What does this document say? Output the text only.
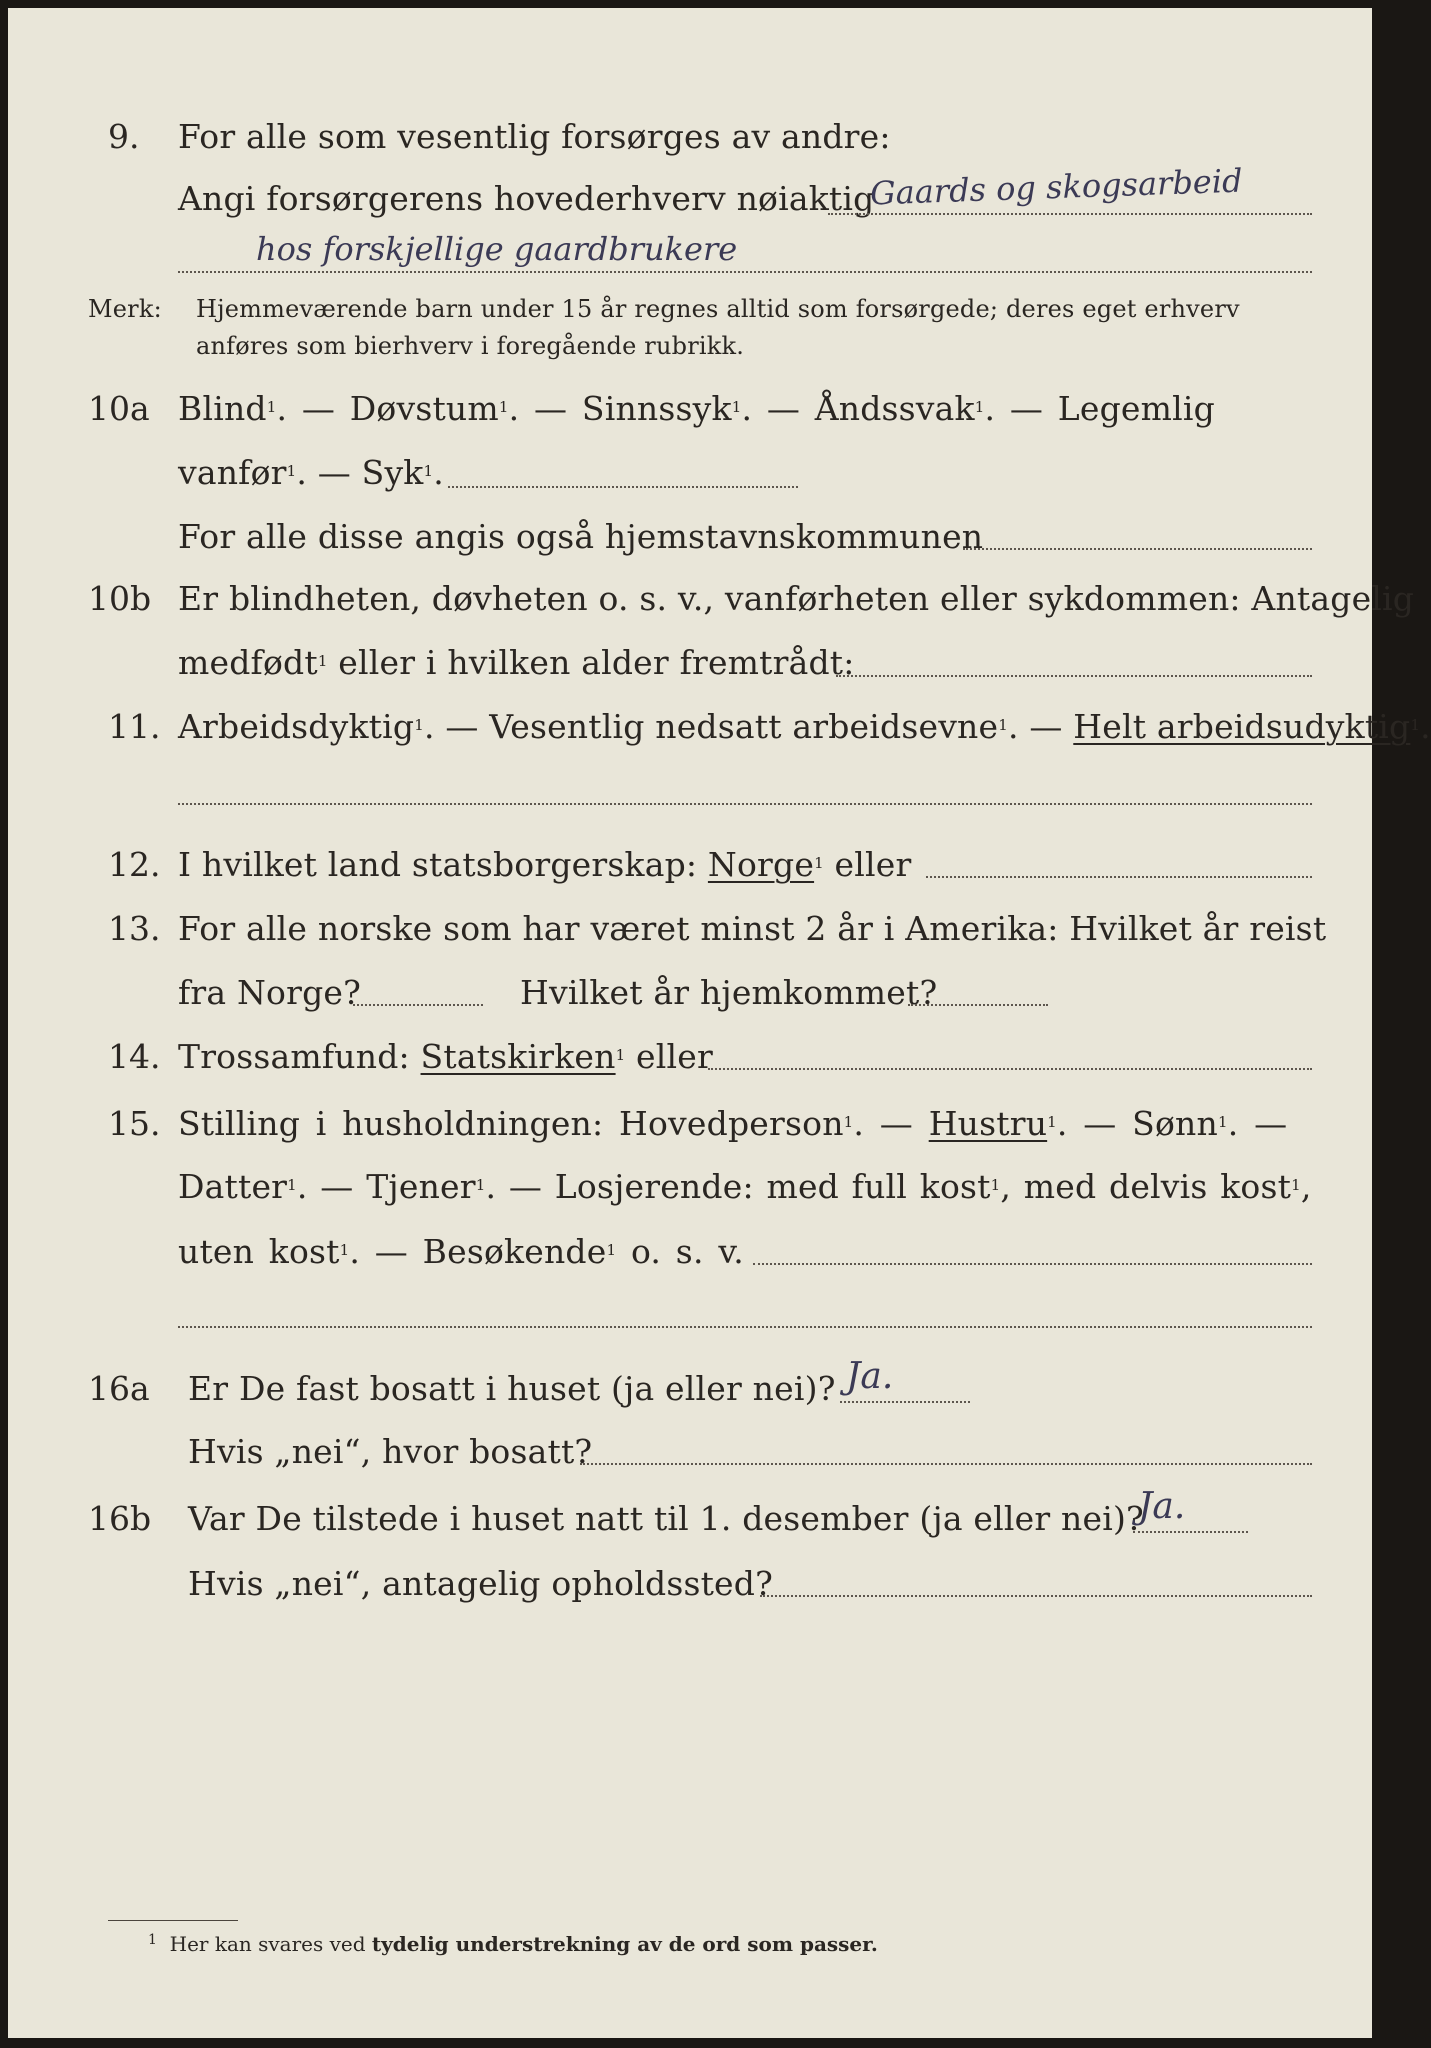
9. For alle som vesentlig forsørges av andre:
Angi forsørgerens hovederhverv nøiaktig
Gaards og skogsarbeid
hos forskjellige gaardbrukere
Merk: Hjemmeværende barn under 15 år regnes alltid som forsørgede; deres eget erhverv
anføres som bierhverv i foregående rubrikk.
10a Blind$^1$. — Døvstum$^1$. — Sinnssyk$^1$. — Åndssvak$^1$. — Legemlig
vanfør$^1$. — Syk$^1$.
For alle disse angis også hjemstavnskommunen
10b Er blindheten, døvheten o. s. v., vanførheten eller sykdommen: Antagelig
medfødt$^1$ eller i hvilken alder fremtrådt:
11. Arbeidsdyktig$^1$. — Vesentlig nedsatt arbeidsevne$^1$. — Helt arbeidsudyktig$^1$.
12. I hvilket land statsborgerskap: Norge$^1$ eller
13. For alle norske som har været minst 2 år i Amerika: Hvilket år reist
fra Norge?	Hvilket år hjemkommet?
14. Trossamfund: Statskirken$^1$ eller
15. Stilling i husholdningen: Hovedperson$^1$. — Hustru$^1$. — Sønn$^1$. —
Datter$^1$. — Tjener$^1$. — Losjerende: med full kost$^1$, med delvis kost$^1$,
uten kost$^1$. — Besøkende$^1$ o. s. v.
16a Er De fast bosatt i huset (ja eller nei)? Ja.
Hvis „nei“, hvor bosatt?
16b Var De tilstede i huset natt til 1. desember (ja eller nei)?
Ja.
Hvis „nei“, antagelig opholdssted?
$^1$ Her kan svares ved tydelig understrekning av de ord som passer.
